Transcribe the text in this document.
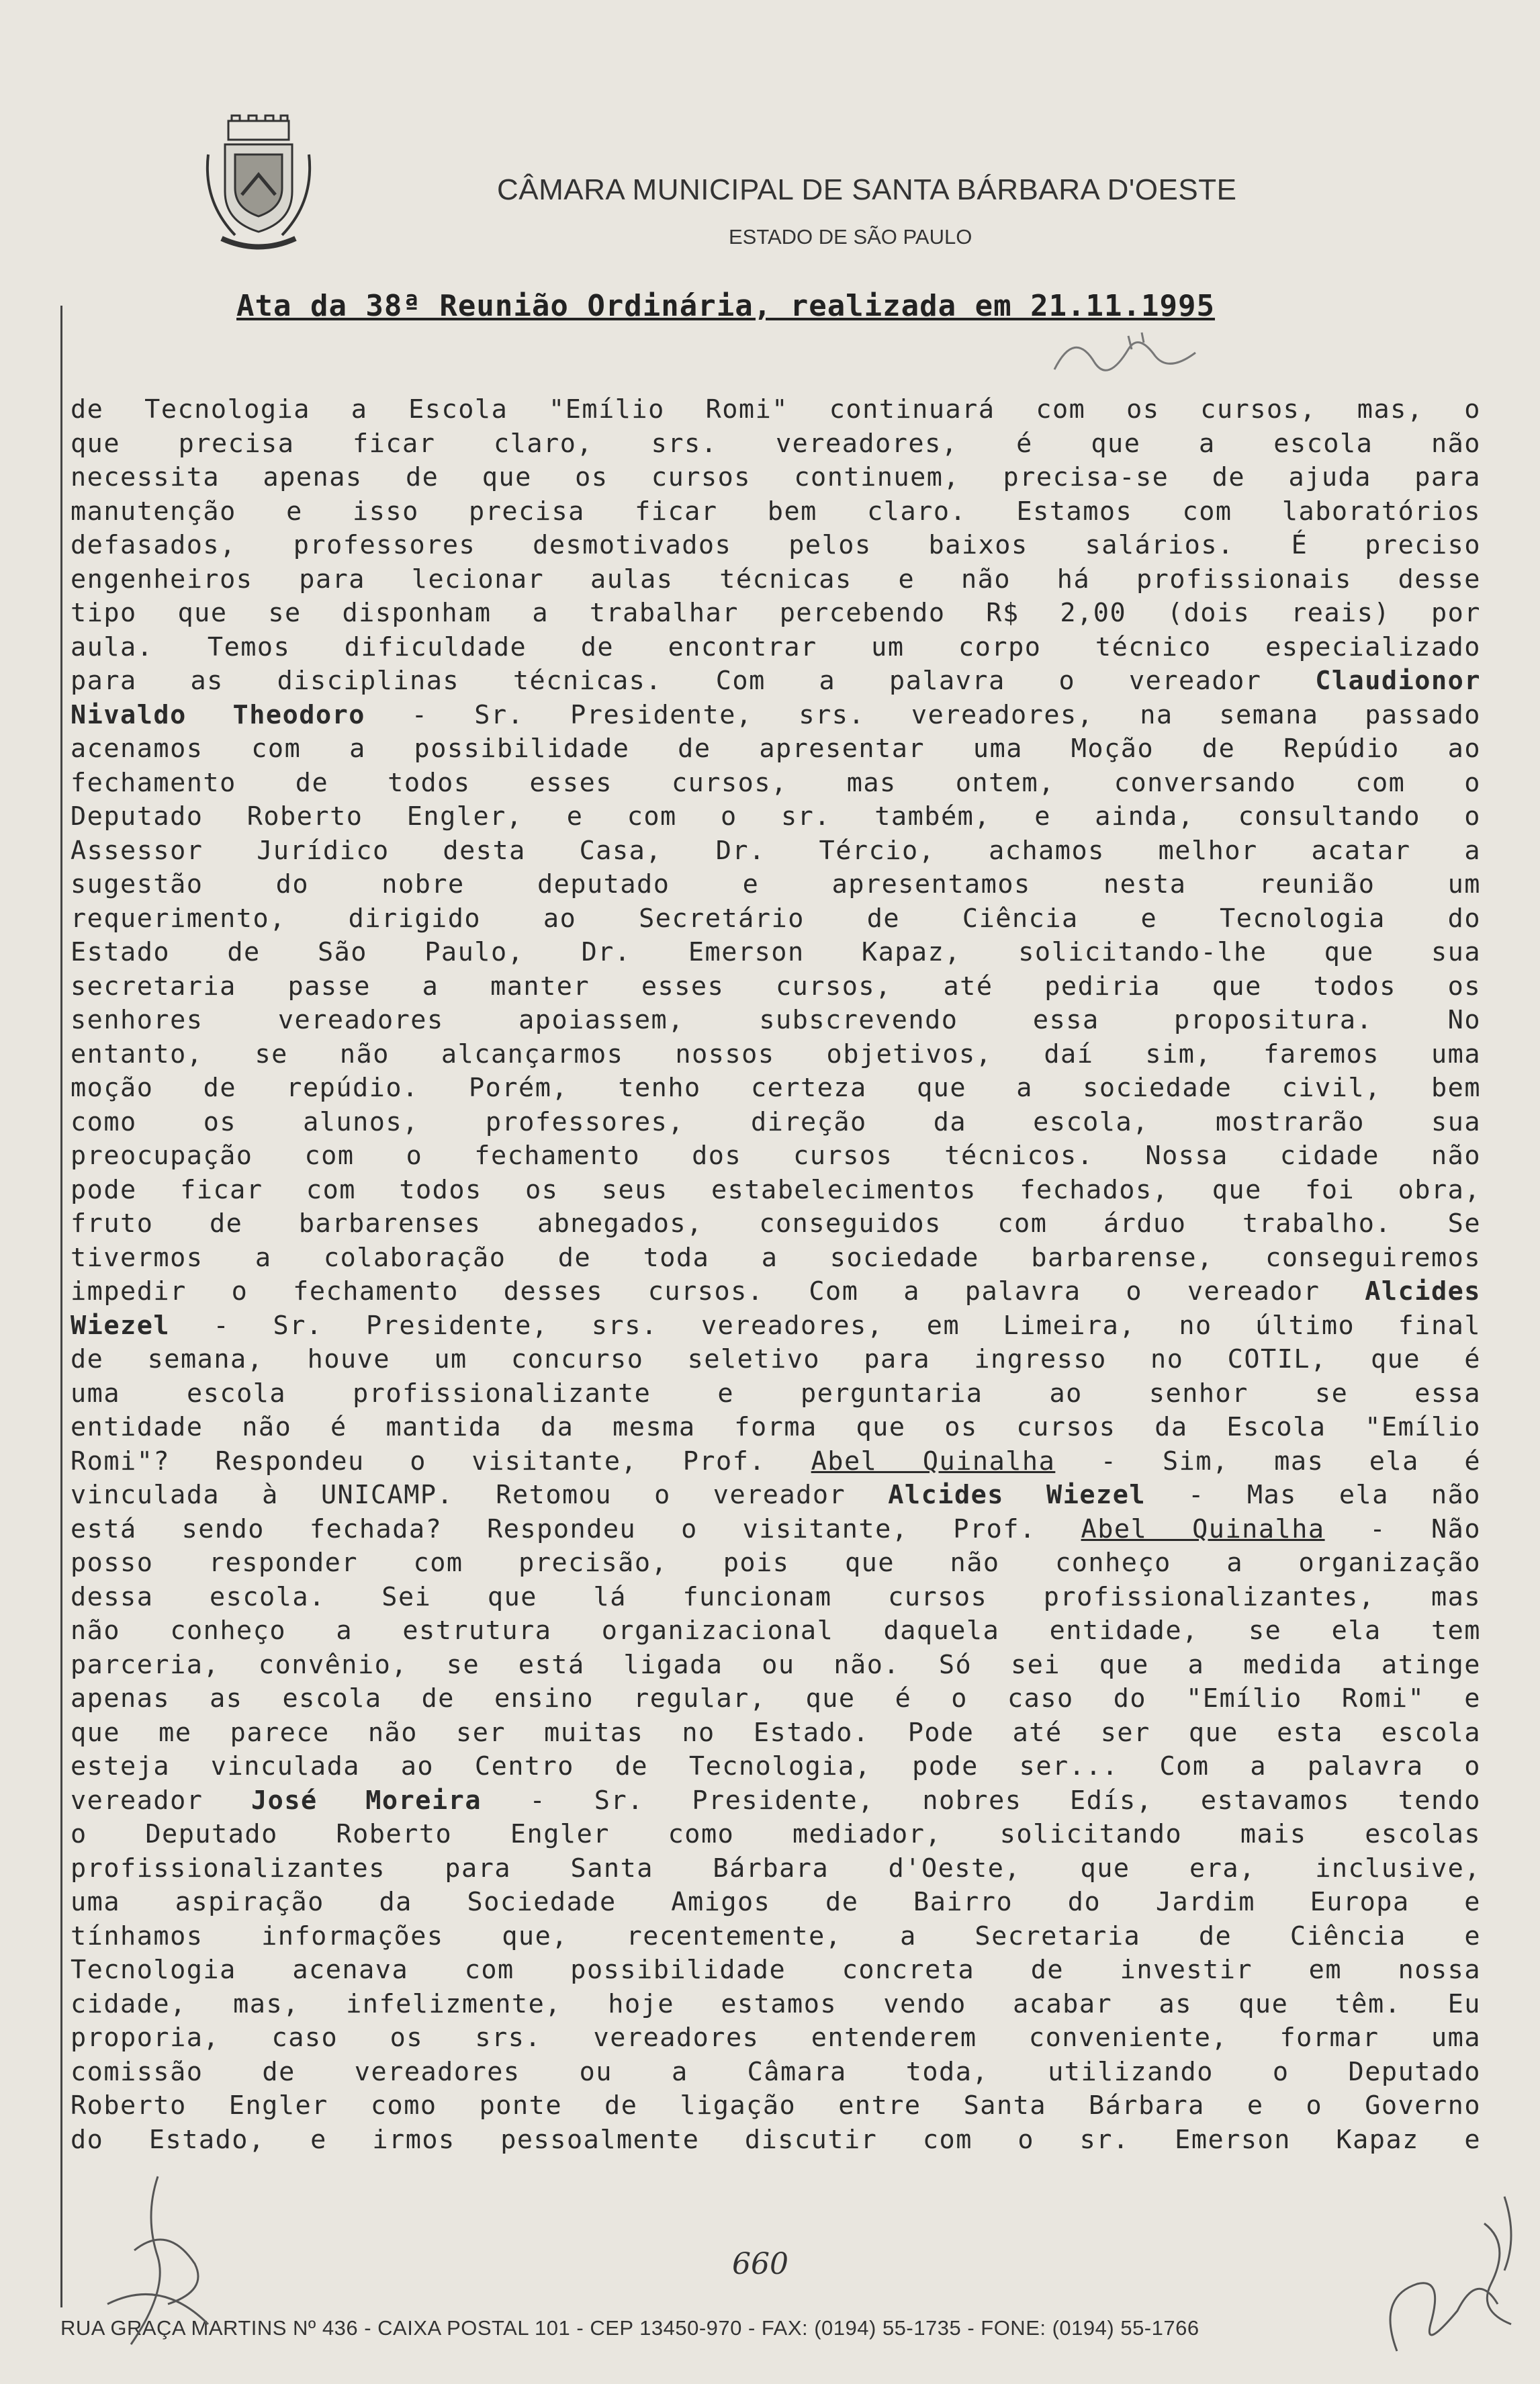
CÂMARA MUNICIPAL DE SANTA BÁRBARA D'OESTE
ESTADO DE SÃO PAULO
Ata da 38ª Reunião Ordinária, realizada em 21.11.1995
de Tecnologia a Escola "Emílio Romi" continuará com os cursos, mas, o
que precisa ficar claro, srs. vereadores, é que a escola não
necessita apenas de que os cursos continuem, precisa-se de ajuda para
manutenção e isso precisa ficar bem claro. Estamos com laboratórios
defasados, professores desmotivados pelos baixos salários. É preciso
engenheiros para lecionar aulas técnicas e não há profissionais desse
tipo que se disponham a trabalhar percebendo R$ 2,00 (dois reais) por
aula. Temos dificuldade de encontrar um corpo técnico especializado
para as disciplinas técnicas. Com a palavra o vereador Claudionor
Nivaldo Theodoro - Sr. Presidente, srs. vereadores, na semana passado
acenamos com a possibilidade de apresentar uma Moção de Repúdio ao
fechamento de todos esses cursos, mas ontem, conversando com o
Deputado Roberto Engler, e com o sr. também, e ainda, consultando o
Assessor Jurídico desta Casa, Dr. Tércio, achamos melhor acatar a
sugestão do nobre deputado e apresentamos nesta reunião um
requerimento, dirigido ao Secretário de Ciência e Tecnologia do
Estado de São Paulo, Dr. Emerson Kapaz, solicitando-lhe que sua
secretaria passe a manter esses cursos, até pediria que todos os
senhores vereadores apoiassem, subscrevendo essa propositura. No
entanto, se não alcançarmos nossos objetivos, daí sim, faremos uma
moção de repúdio. Porém, tenho certeza que a sociedade civil, bem
como os alunos, professores, direção da escola, mostrarão sua
preocupação com o fechamento dos cursos técnicos. Nossa cidade não
pode ficar com todos os seus estabelecimentos fechados, que foi obra,
fruto de barbarenses abnegados, conseguidos com árduo trabalho. Se
tivermos a colaboração de toda a sociedade barbarense, conseguiremos
impedir o fechamento desses cursos. Com a palavra o vereador Alcides
Wiezel - Sr. Presidente, srs. vereadores, em Limeira, no último final
de semana, houve um concurso seletivo para ingresso no COTIL, que é
uma escola profissionalizante e perguntaria ao senhor se essa
entidade não é mantida da mesma forma que os cursos da Escola "Emílio
Romi"? Respondeu o visitante, Prof. Abel Quinalha - Sim, mas ela é
vinculada à UNICAMP. Retomou o vereador Alcides Wiezel - Mas ela não
está sendo fechada? Respondeu o visitante, Prof. Abel Quinalha - Não
posso responder com precisão, pois que não conheço a organização
dessa escola. Sei que lá funcionam cursos profissionalizantes, mas
não conheço a estrutura organizacional daquela entidade, se ela tem
parceria, convênio, se está ligada ou não. Só sei que a medida atinge
apenas as escola de ensino regular, que é o caso do "Emílio Romi" e
que me parece não ser muitas no Estado. Pode até ser que esta escola
esteja vinculada ao Centro de Tecnologia, pode ser... Com a palavra o
vereador José Moreira - Sr. Presidente, nobres Edís, estavamos tendo
o Deputado Roberto Engler como mediador, solicitando mais escolas
profissionalizantes para Santa Bárbara d'Oeste, que era, inclusive,
uma aspiração da Sociedade Amigos de Bairro do Jardim Europa e
tínhamos informações que, recentemente, a Secretaria de Ciência e
Tecnologia acenava com possibilidade concreta de investir em nossa
cidade, mas, infelizmente, hoje estamos vendo acabar as que têm. Eu
proporia, caso os srs. vereadores entenderem conveniente, formar uma
comissão de vereadores ou a Câmara toda, utilizando o Deputado
Roberto Engler como ponte de ligação entre Santa Bárbara e o Governo
do Estado, e irmos pessoalmente discutir com o sr. Emerson Kapaz e
660
RUA GRAÇA MARTINS Nº 436 - CAIXA POSTAL 101 - CEP 13450-970 - FAX: (0194) 55-1735 - FONE: (0194) 55-1766
